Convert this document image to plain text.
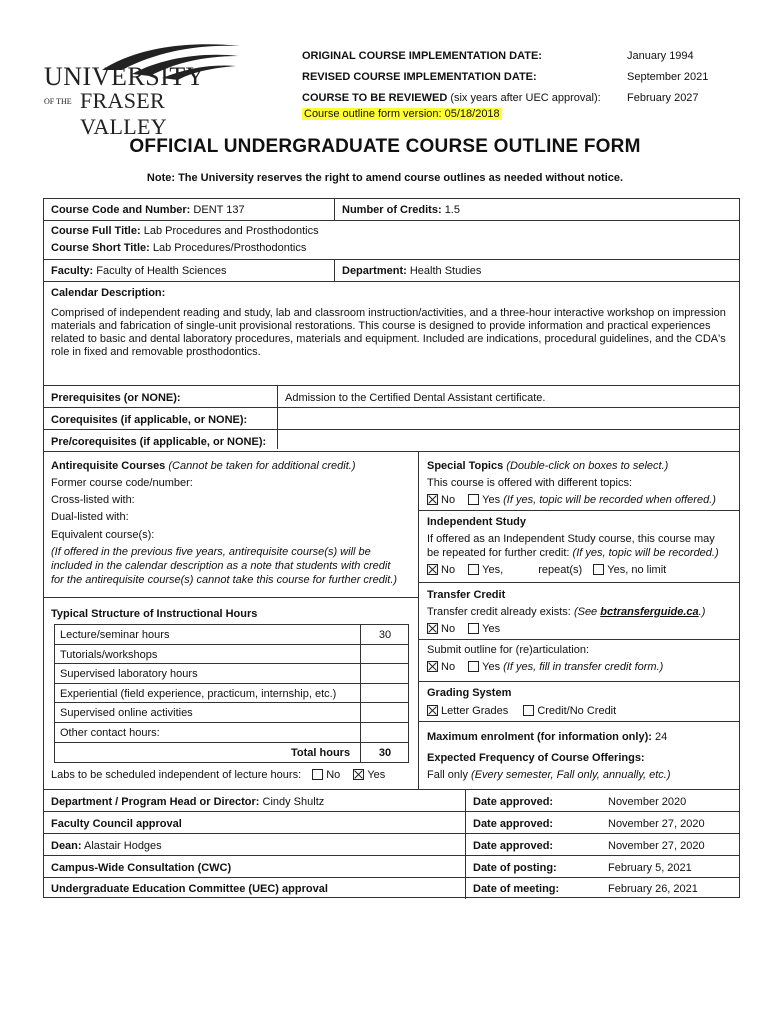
UNIVERSITY
OF THE FRASER VALLEY
ORIGINAL COURSE IMPLEMENTATION DATE:	January 1994
REVISED COURSE IMPLEMENTATION DATE:	September 2021
COURSE TO BE REVIEWED (six years after UEC approval): February 2027
Course outline form version: 05/18/2018
OFFICIAL UNDERGRADUATE COURSE OUTLINE FORM
Note: The University reserves the right to amend course outlines as needed without notice.
Course Code and Number: DENT 137	Number of Credits: 1.5
Course Full Title: Lab Procedures and Prosthodontics
Course Short Title: Lab Procedures/Prosthodontics
Faculty: Faculty of Health Sciences	Department: Health Studies
Calendar Description:
Comprised of independent reading and study, lab and classroom instruction/activities, and a three-hour interactive workshop on impression materials and fabrication of single-unit provisional restorations. This course is designed to provide information and practical experiences related to basic and dental laboratory procedures, materials and equipment. Included are indications, procedural guidelines, and the CDA's role in fixed and removable prosthodontics.
Prerequisites (or NONE):	Admission to the Certified Dental Assistant certificate.
Corequisites (if applicable, or NONE):
Pre/corequisites (if applicable, or NONE):
Antirequisite Courses (Cannot be taken for additional credit.)
Former course code/number:
Cross-listed with:
Dual-listed with:
Equivalent course(s):
(If offered in the previous five years, antirequisite course(s) will be
included in the calendar description as a note that students with credit
for the antirequisite course(s) cannot take this course for further credit.)
Typical Structure of Instructional Hours
Lecture/seminar hours	30
Tutorials/workshops
Supervised laboratory hours
Experiential (field experience, practicum, internship, etc.)
Supervised online activities
Other contact hours:
Total hours	30
Labs to be scheduled independent of lecture hours: No Yes
Special Topics (Double-click on boxes to select.)
This course is offered with different topics:
No Yes (If yes, topic will be recorded when offered.)
Independent Study
If offered as an Independent Study course, this course may
be repeated for further credit: (If yes, topic will be recorded.)
No Yes,	repeat(s) Yes, no limit
Transfer Credit
Transfer credit already exists: (See bctransferguide.ca.)
No Yes
Submit outline for (re)articulation:
No Yes (If yes, fill in transfer credit form.)
Grading System
Letter Grades	Credit/No Credit
Maximum enrolment (for information only): 24
Expected Frequency of Course Offerings:
Fall only (Every semester, Fall only, annually, etc.)
Department / Program Head or Director: Cindy Shultz	Date approved:	November 2020
Faculty Council approval	Date approved:	November 27, 2020
Dean: Alastair Hodges	Date approved:	November 27, 2020
Campus-Wide Consultation (CWC)	Date of posting:	February 5, 2021
Undergraduate Education Committee (UEC) approval	Date of meeting:	February 26, 2021
